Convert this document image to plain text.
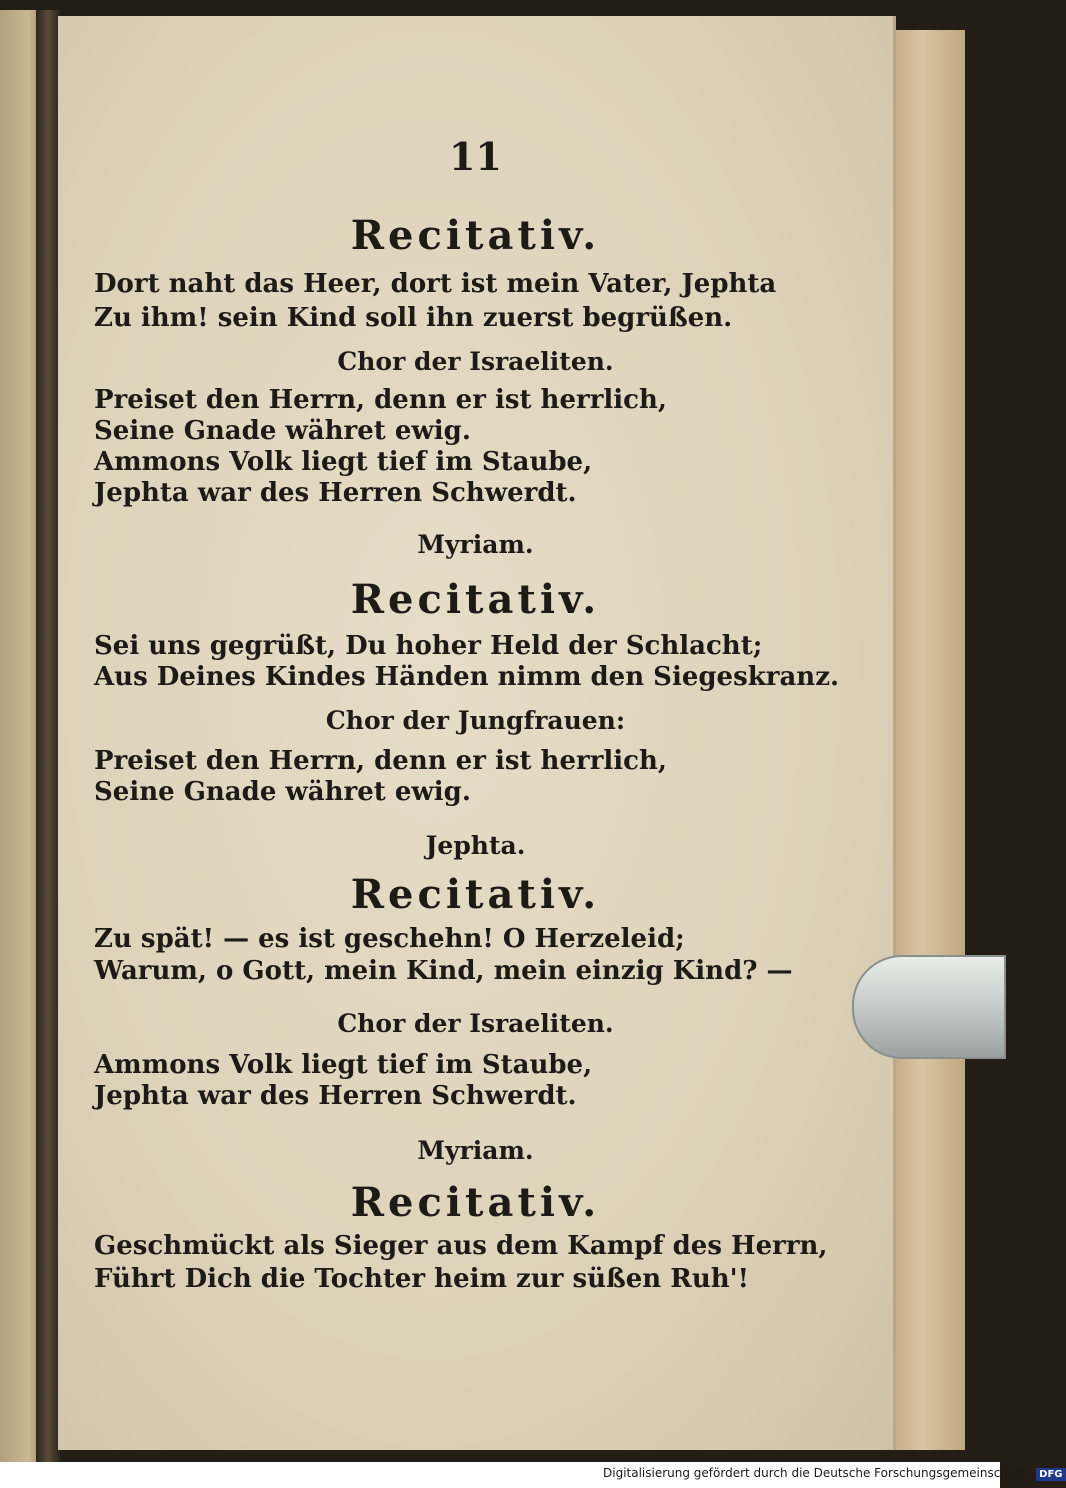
11
Recitativ.
Dort naht das Heer, dort ist mein Vater, Jephta
Zu ihm! sein Kind soll ihn zuerst begrüßen.
Chor der Israeliten.
Preiset den Herrn, denn er ist herrlich,
Seine Gnade währet ewig.
Ammons Volk liegt tief im Staube,
Jephta war des Herren Schwerdt.
Myriam.
Recitativ.
Sei uns gegrüßt, Du hoher Held der Schlacht;
Aus Deines Kindes Händen nimm den Siegeskranz.
Chor der Jungfrauen:
Preiset den Herrn, denn er ist herrlich,
Seine Gnade währet ewig.
Jephta.
Recitativ.
Zu spät! — es ist geschehn! O Herzeleid;
Warum, o Gott, mein Kind, mein einzig Kind? —
Chor der Israeliten.
Ammons Volk liegt tief im Staube,
Jephta war des Herren Schwerdt.
Myriam.
Recitativ.
Geschmückt als Sieger aus dem Kampf des Herrn,
Führt Dich die Tochter heim zur süßen Ruh'!
Digitalisierung gefördert durch die Deutsche Forschungsgemeinschaft - DFG
